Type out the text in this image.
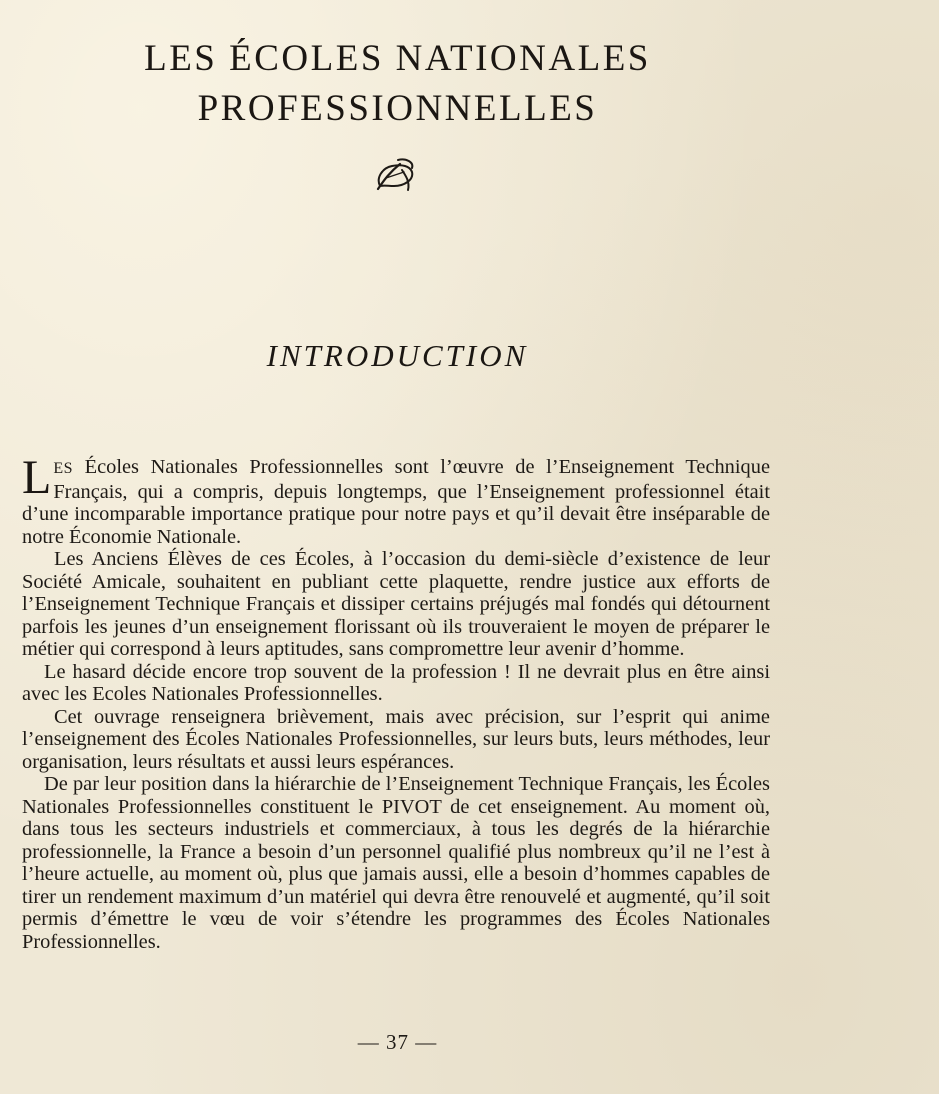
LES ÉCOLES NATIONALES
PROFESSIONNELLES
INTRODUCTION

LES Écoles Nationales Professionnelles sont l’œuvre de l’Enseignement Technique Français, qui a compris, depuis longtemps, que l’Enseignement professionnel était d’une incomparable importance pratique pour notre pays et qu’il devait être inséparable de notre Économie Nationale.

Les Anciens Élèves de ces Écoles, à l’occasion du demi-siècle d’existence de leur Société Amicale, souhaitent en publiant cette plaquette, rendre justice aux efforts de l’Enseignement Technique Français et dissiper certains préjugés mal fondés qui détournent parfois les jeunes d’un enseignement florissant où ils trouveraient le moyen de préparer le métier qui correspond à leurs aptitudes, sans compromettre leur avenir d’homme.

Le hasard décide encore trop souvent de la profession ! Il ne devrait plus en être ainsi avec les Ecoles Nationales Professionnelles.

Cet ouvrage renseignera brièvement, mais avec précision, sur l’esprit qui anime l’enseignement des Écoles Nationales Professionnelles, sur leurs buts, leurs méthodes, leur organisation, leurs résultats et aussi leurs espérances.

De par leur position dans la hiérarchie de l’Enseignement Technique Français, les Écoles Nationales Professionnelles constituent le PIVOT de cet enseignement. Au moment où, dans tous les secteurs industriels et commerciaux, à tous les degrés de la hiérarchie professionnelle, la France a besoin d’un personnel qualifié plus nombreux qu’il ne l’est à l’heure actuelle, au moment où, plus que jamais aussi, elle a besoin d’hommes capables de tirer un rendement maximum d’un matériel qui devra être renouvelé et augmenté, qu’il soit permis d’émettre le vœu de voir s’étendre les programmes des Écoles Nationales Professionnelles.

— 37 —
